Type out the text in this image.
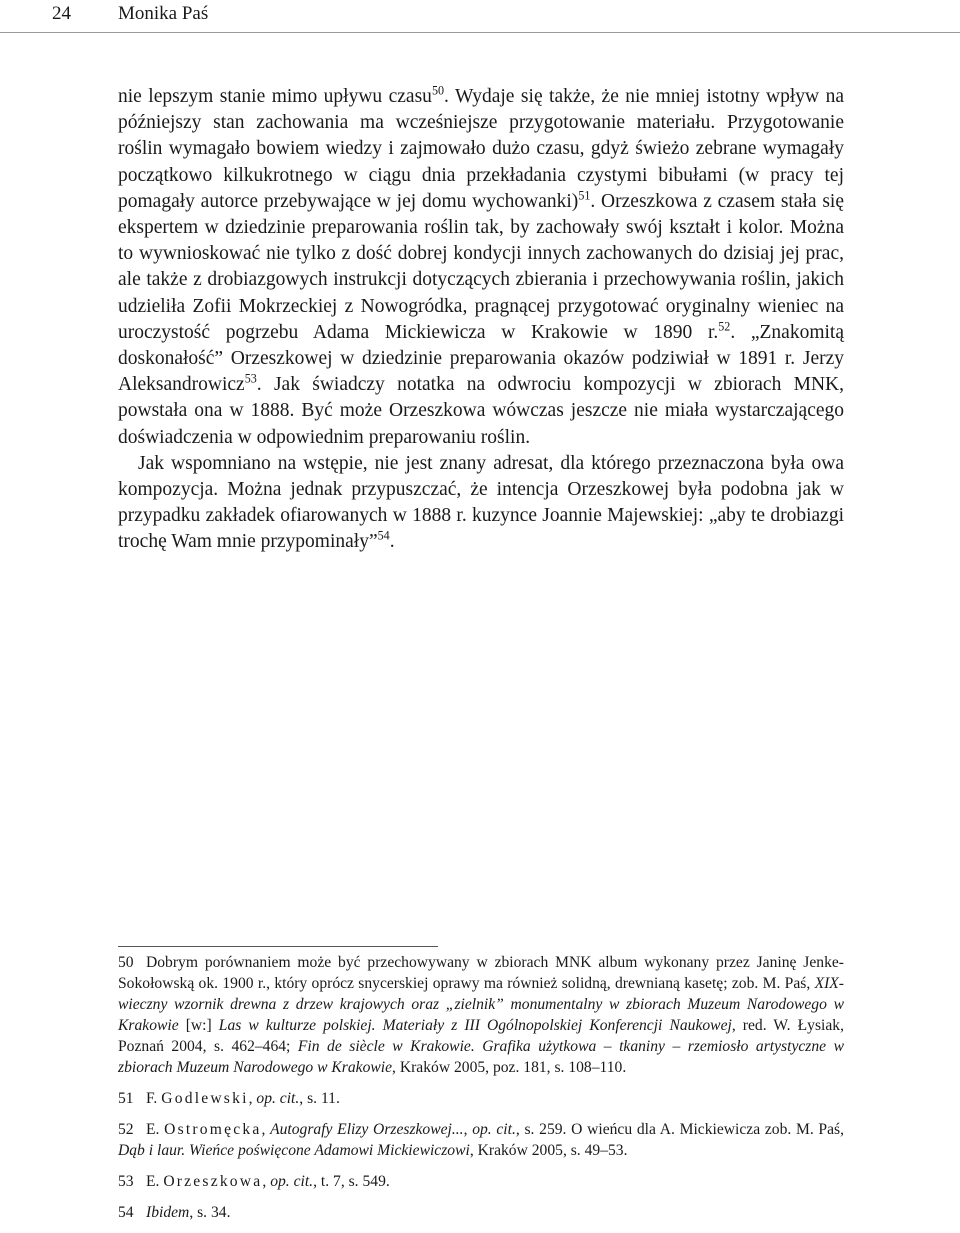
24 Monika Paś

nie lepszym stanie mimo upływu czasu$^{50}$. Wydaje się także, że nie mniej istotny wpływ na późniejszy stan zachowania ma wcześniejsze przygotowanie materiału. Przygotowanie roślin wymagało bowiem wiedzy i zajmowało dużo czasu, gdyż świeżo zebrane wymagały początkowo kilkukrotnego w ciągu dnia przekładania czystymi bibułami (w pracy tej pomagały autorce przebywające w jej domu wychowanki)$^{51}$. Orzeszkowa z czasem stała się ekspertem w dziedzinie preparowania roślin tak, by zachowały swój kształt i kolor. Można to wywnioskować nie tylko z dość dobrej kondycji innych zachowanych do dzisiaj jej prac, ale także z drobiazgowych instrukcji dotyczących zbierania i przechowywania roślin, jakich udzieliła Zofii Mokrzeckiej z Nowogródka, pragnącej przygotować oryginalny wieniec na uroczystość pogrzebu Adama Mickiewicza w Krakowie w 1890 r.$^{52}$. „Znakomitą doskonałość” Orzeszkowej w dziedzinie preparowania okazów podziwiał w 1891 r. Jerzy Aleksandrowicz$^{53}$. Jak świadczy notatka na odwrociu kompozycji w zbiorach MNK, powstała ona w 1888. Być może Orzeszkowa wówczas jeszcze nie miała wystarczającego doświadczenia w odpowiednim preparowaniu roślin.

Jak wspomniano na wstępie, nie jest znany adresat, dla którego przeznaczona była owa kompozycja. Można jednak przypuszczać, że intencja Orzeszkowej była podobna jak w przypadku zakładek ofiarowanych w 1888 r. kuzynce Joannie Majewskiej: „aby te drobiazgi trochę Wam mnie przypominały”$^{54}$.

50 Dobrym porównaniem może być przechowywany w zbiorach MNK album wykonany przez Janinę Jenke-Sokołowską ok. 1900 r., który oprócz snycerskiej oprawy ma również solidną, drewnianą kasetę; zob. M. Paś, XIX-wieczny wzornik drewna z drzew krajowych oraz „zielnik” monumentalny w zbiorach Muzeum Narodowego w Krakowie [w:] Las w kulturze polskiej. Materiały z III Ogólnopolskiej Konferencji Naukowej, red. W. Łysiak, Poznań 2004, s. 462–464; Fin de siècle w Krakowie. Grafika użytkowa – tkaniny – rzemiosło artystyczne w zbiorach Muzeum Narodowego w Krakowie, Kraków 2005, poz. 181, s. 108–110.

51 F. Godlewski, op. cit., s. 11.

52 E. Ostromęcka, Autografy Elizy Orzeszkowej..., op. cit., s. 259. O wieńcu dla A. Mickiewicza zob. M. Paś, Dąb i laur. Wieńce poświęcone Adamowi Mickiewiczowi, Kraków 2005, s. 49–53.

53 E. Orzeszkowa, op. cit., t. 7, s. 549.

54 Ibidem, s. 34.
